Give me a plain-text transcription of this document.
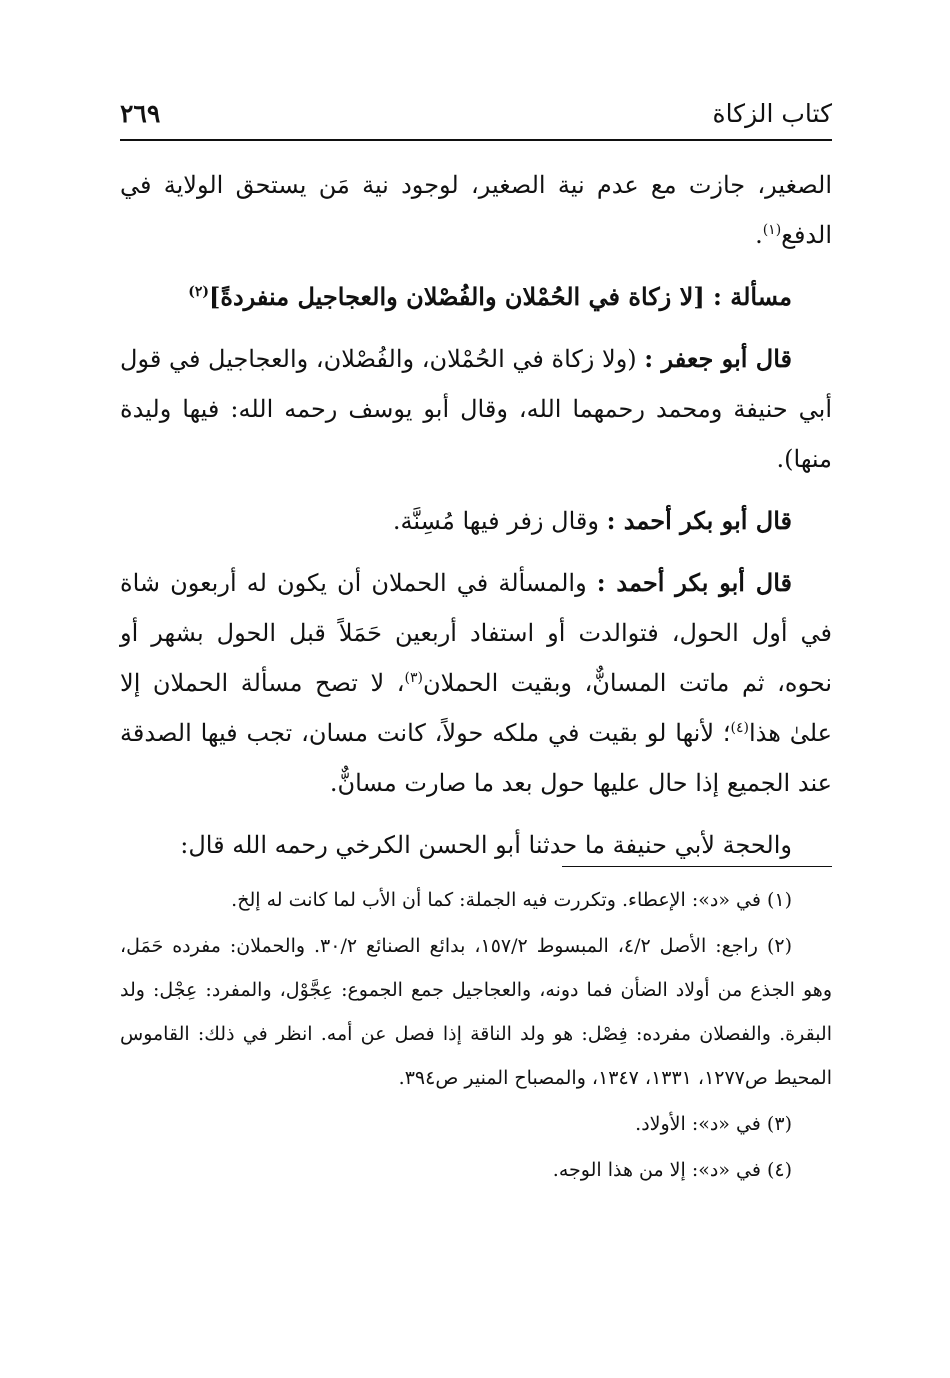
كتاب الزكاة
٢٦٩

الصغير، جازت مع عدم نية الصغير، لوجود نية مَن يستحق الولاية في الدفع$^{(١)}$.

مسألة : [لا زكاة في الحُمْلان والفُصْلان والعجاجيل منفردةً]$^{(٢)}$

قال أبو جعفر : (ولا زكاة في الحُمْلان، والفُصْلان، والعجاجيل في قول أبي حنيفة ومحمد رحمهما الله، وقال أبو يوسف رحمه الله: فيها وليدة منها).

قال أبو بكر أحمد : وقال زفر فيها مُسِنَّة.

قال أبو بكر أحمد : والمسألة في الحملان أن يكون له أربعون شاة في أول الحول، فتوالدت أو استفاد أربعين حَمَلاً قبل الحول بشهر أو نحوه، ثم ماتت المسانٌّ، وبقيت الحملان$^{(٣)}$، لا تصح مسألة الحملان إلا علىٰ هذا$^{(٤)}$؛ لأنها لو بقيت في ملكه حولاً، كانت مسان، تجب فيها الصدقة عند الجميع إذا حال عليها حول بعد ما صارت مسانٌّ.

والحجة لأبي حنيفة ما حدثنا أبو الحسن الكرخي رحمه الله قال:

(١) في «د»: الإعطاء. وتكررت فيه الجملة: كما أن الأب لما كانت له إلخ.

(٢) راجع: الأصل ٤/٢، المبسوط ١٥٧/٢، بدائع الصنائع ٣٠/٢. والحملان: مفرده حَمَل، وهو الجذع من أولاد الضأن فما دونه، والعجاجيل جمع الجموع: عِجَّوْل، والمفرد: عِجْل: ولد البقرة. والفصلان مفرده: فِصْل: هو ولد الناقة إذا فصل عن أمه. انظر في ذلك: القاموس المحيط ص١٢٧٧، ١٣٣١، ١٣٤٧، والمصباح المنير ص٣٩٤.

(٣) في «د»: الأولاد.

(٤) في «د»: إلا من هذا الوجه.
